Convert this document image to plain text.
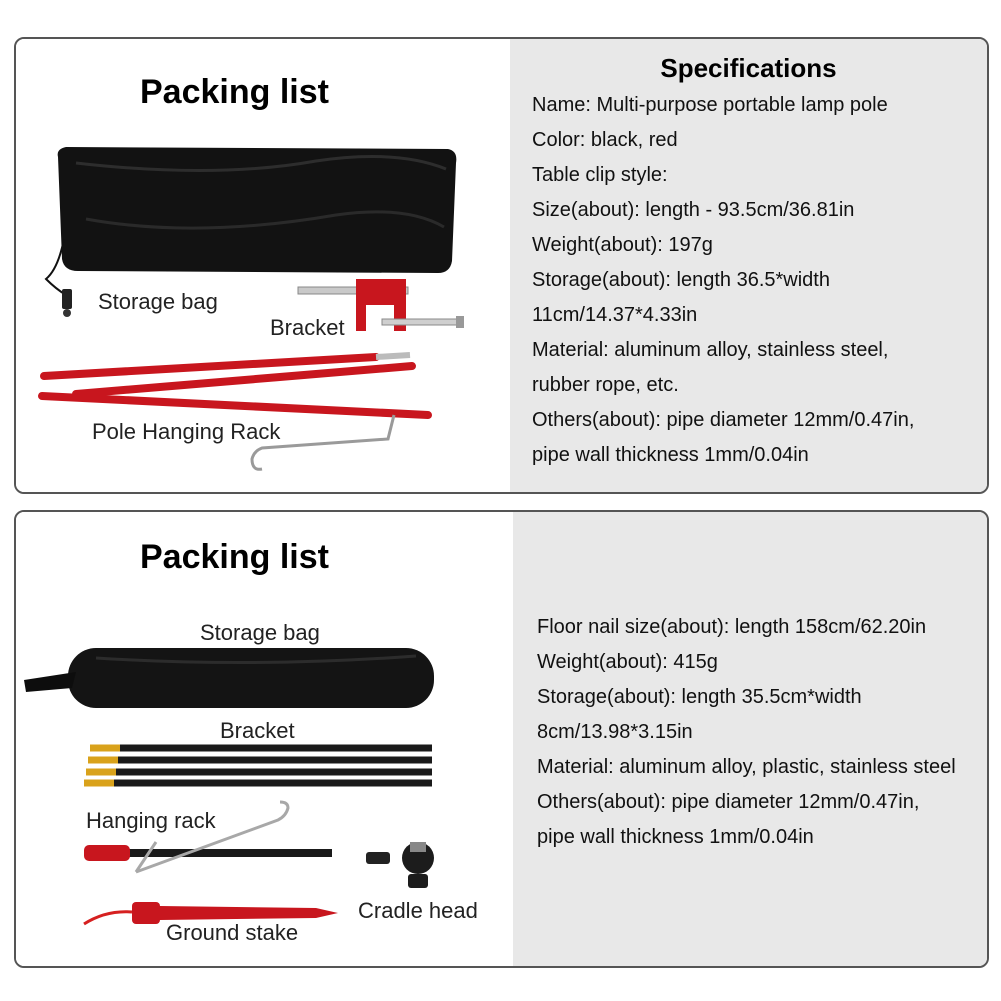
Packing list
Storage bag
Bracket
Pole Hanging Rack
Specifications
Name: Multi-purpose portable lamp pole
Color: black, red
Table clip style:
Size(about): length - 93.5cm/36.81in
Weight(about): 197g
Storage(about): length 36.5*width
11cm/14.37*4.33in
Material: aluminum alloy, stainless steel,
rubber rope, etc.
Others(about): pipe diameter 12mm/0.47in,
pipe wall thickness 1mm/0.04in
Packing list
Storage bag
Bracket
Hanging rack
Cradle head
Ground stake
Floor nail size(about): length 158cm/62.20in
Weight(about): 415g
Storage(about): length 35.5cm*width
8cm/13.98*3.15in
Material: aluminum alloy, plastic, stainless steel
Others(about): pipe diameter 12mm/0.47in,
pipe wall thickness 1mm/0.04in
